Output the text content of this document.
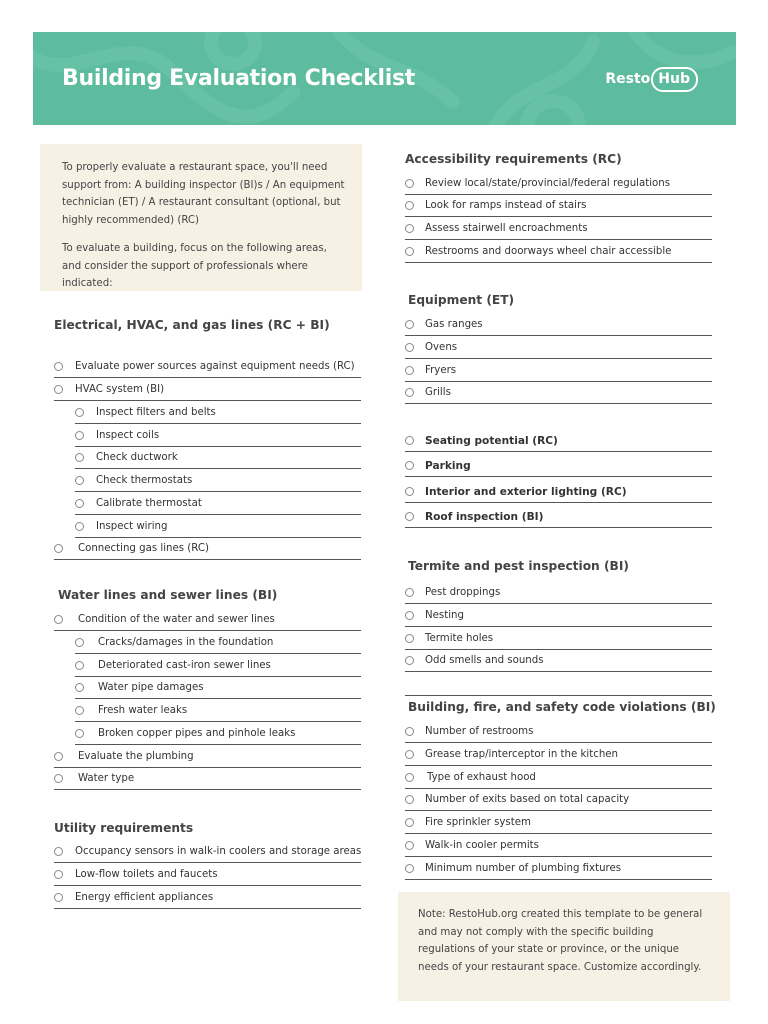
Building Evaluation Checklist	Resto Hub

To properly evaluate a restaurant space, you'll need support from: A building inspector (BI)s / An equipment technician (ET) / A restaurant consultant (optional, but highly recommended) (RC)

To evaluate a building, focus on the following areas, and consider the support of professionals where indicated:

Electrical, HVAC, and gas lines (RC + BI)
Evaluate power sources against equipment needs (RC)
HVAC system (BI)
Inspect filters and belts
Inspect coils
Check ductwork
Check thermostats
Calibrate thermostat
Inspect wiring
Connecting gas lines (RC)
Water lines and sewer lines (BI)
Condition of the water and sewer lines
Cracks/damages in the foundation
Deteriorated cast-iron sewer lines
Water pipe damages
Fresh water leaks
Broken copper pipes and pinhole leaks
Evaluate the plumbing
Water type
Utility requirements
Occupancy sensors in walk-in coolers and storage areas
Low-flow toilets and faucets
Energy efficient appliances
Accessibility requirements (RC)
Review local/state/provincial/federal regulations
Look for ramps instead of stairs
Assess stairwell encroachments
Restrooms and doorways wheel chair accessible
Equipment (ET)
Gas ranges
Ovens
Fryers
Grills
Seating potential (RC)
Parking
Interior and exterior lighting (RC)
Roof inspection (BI)
Termite and pest inspection (BI)
Pest droppings
Nesting
Termite holes
Odd smells and sounds
Building, fire, and safety code violations (BI)
Number of restrooms
Grease trap/interceptor in the kitchen
Type of exhaust hood
Number of exits based on total capacity
Fire sprinkler system
Walk-in cooler permits
Minimum number of plumbing fixtures

Note: RestoHub.org created this template to be general and may not comply with the specific building regulations of your state or province, or the unique needs of your restaurant space. Customize accordingly.
